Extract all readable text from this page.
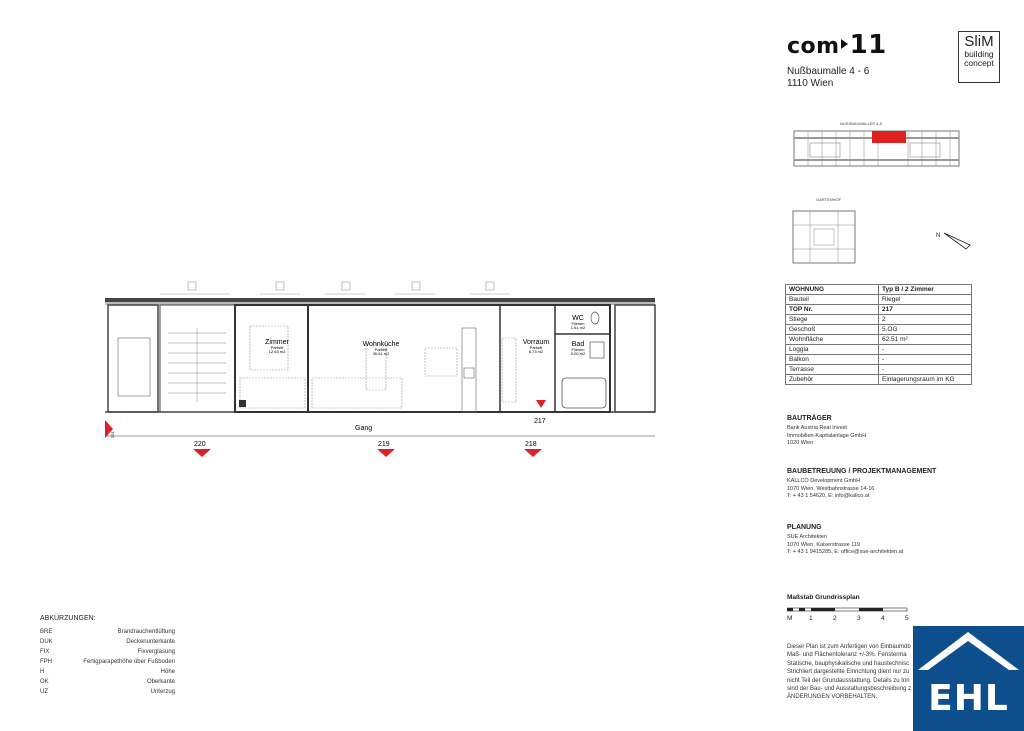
com 11
Nußbaumalle 4 - 6
1110 Wien
SliM
building
concept
NUSSBAUMALLEE 4-6
GARTENHOF
N
WOHNUNG	Typ B / 2 Zimmer
Bauteil	Riegel
TOP Nr.	217
Stiege	2
Geschoß	5.OG
Wohnfläche	62.51 m²
Loggia	-
Balkon	-
Terrasse	-
Zubehör	Einlagerungsraum im KG
BAUTRÄGER
Bank Austria Real Invest
Immobilien-Kapitalanlage GmbH
1020 Wien
BAUBETREUUNG / PROJEKTMANAGEMENT
KALLCO Development GmbH
1070 Wien, Westbahnstrasse 14-16
T: + 43 1 54620, E: info@kallco.at
PLANUNG
SUE Architekten
1070 Wien, Kaiserstrasse 119
T: + 43 1 9415285, E: office@sue-architekten.at
Maßstab Grundrissplan
M	1	2	3	4	5
Dieser Plan ist zum Anfertigen von Einbaumöb
Maß- und Flächentoleranz +/-3%. Fensterma
Statische, bauphysikalische und haustechnisc
Strichliert dargestellte Einrichtung dient nur zu
nicht Teil der Grundausstattung. Details zu Inn
sind der Bau- und Ausstattungsbeschreibung z
ÄNDERUNGEN VORBEHALTEN.	EHL
ABKÜRZUNGEN:
BRE	Brandrauchentlüftung
DUK	Deckenunterkante
FIX	Fixverglasung
FPH	Fertigparapethöhe über Fußboden
H	Höhe
OK	Oberkante
UZ	Unterzug
Zimmer
Parkett
12.63 m2
Wohnküche
Parkett
36.61 m2
Vorraum
Parkett
6.73 m2
WC
Fliesen
1.61 m2
Bad
Fliesen
5.00 m2
Gang
217
220	219	218
221
